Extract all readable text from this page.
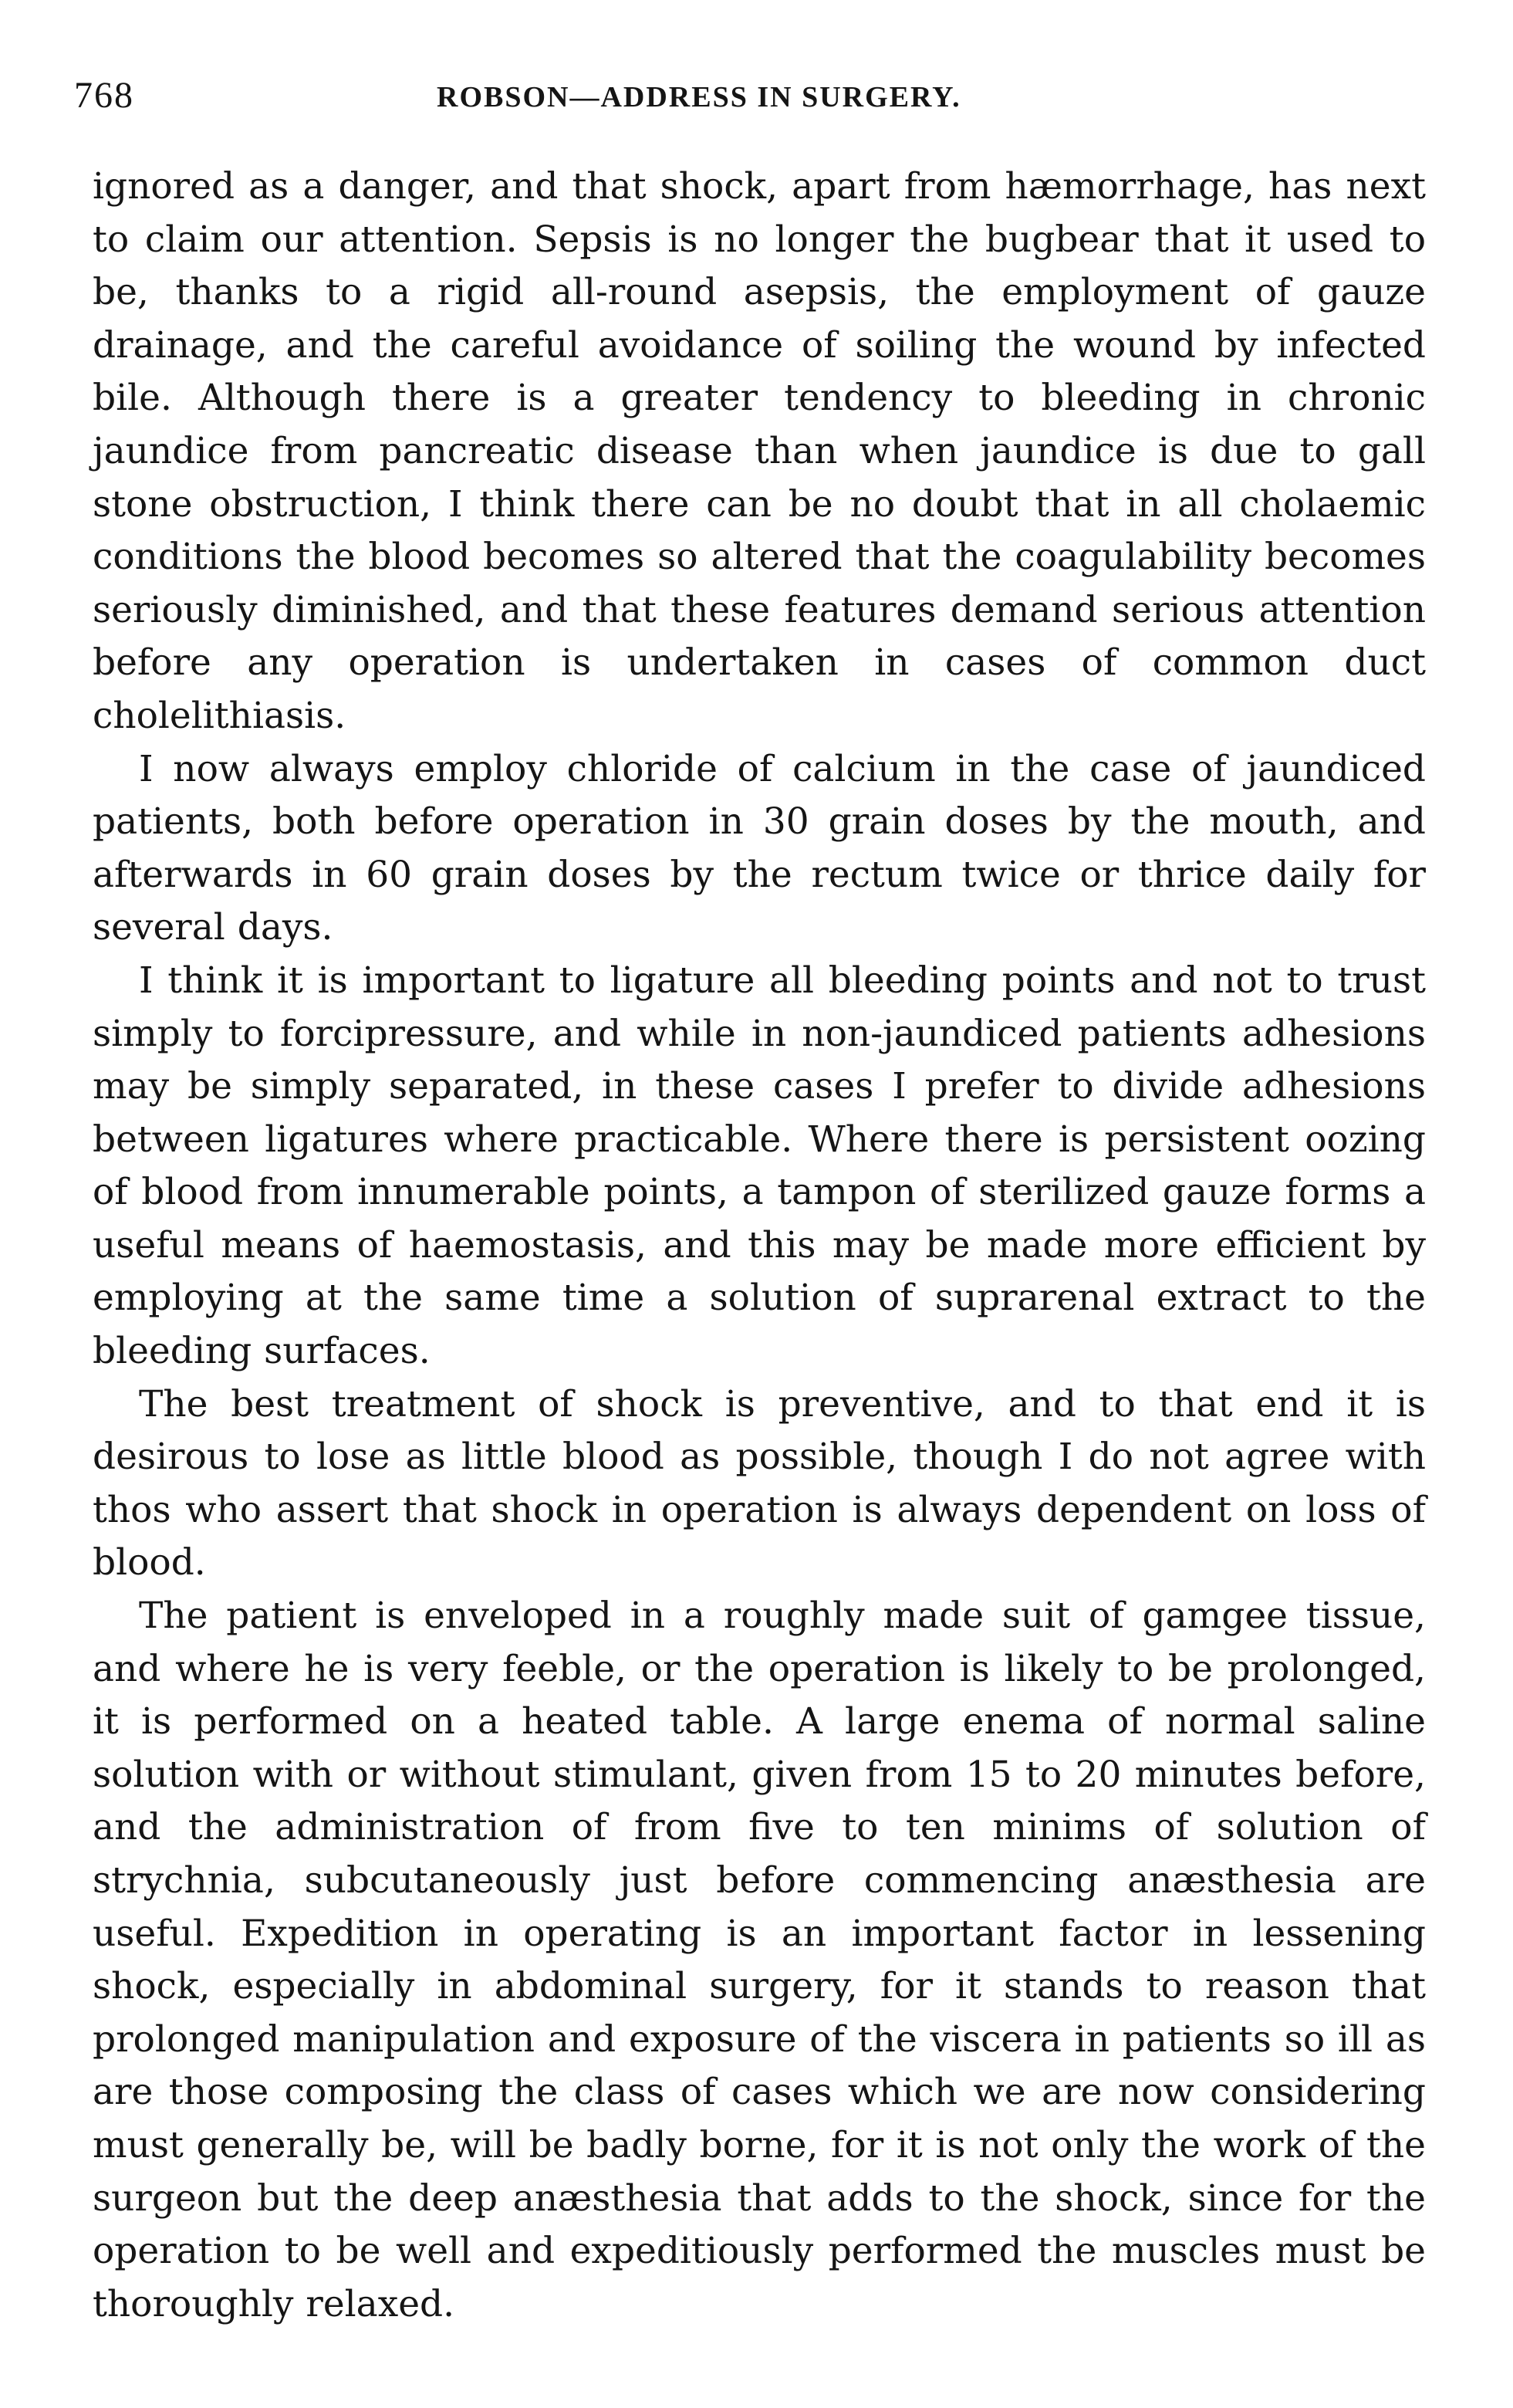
768	ROBSON—ADDRESS IN SURGERY.

ignored as a danger, and that shock, apart from hæmorrhage, has next to claim our attention. Sepsis is no longer the bugbear that it used to be, thanks to a rigid all-round asepsis, the employment of gauze drainage, and the careful avoidance of soiling the wound by infected bile. Although there is a greater tendency to bleeding in chronic jaundice from pancreatic disease than when jaundice is due to gall stone obstruction, I think there can be no doubt that in all cholaemic conditions the blood becomes so altered that the coagulability becomes seriously diminished, and that these features demand serious attention before any operation is undertaken in cases of common duct cholelithiasis.

I now always employ chloride of calcium in the case of jaundiced patients, both before operation in 30 grain doses by the mouth, and afterwards in 60 grain doses by the rectum twice or thrice daily for several days.

I think it is important to ligature all bleeding points and not to trust simply to forcipressure, and while in non-jaundiced patients adhesions may be simply separated, in these cases I prefer to divide adhesions between ligatures where practicable. Where there is persistent oozing of blood from innumerable points, a tampon of sterilized gauze forms a useful means of haemostasis, and this may be made more efficient by employing at the same time a solution of suprarenal extract to the bleeding surfaces.

The best treatment of shock is preventive, and to that end it is desirous to lose as little blood as possible, though I do not agree with thos who assert that shock in operation is always dependent on loss of blood.

The patient is enveloped in a roughly made suit of gamgee tissue, and where he is very feeble, or the operation is likely to be prolonged, it is performed on a heated table. A large enema of normal saline solution with or without stimulant, given from 15 to 20 minutes before, and the administration of from five to ten minims of solution of strychnia, subcutaneously just before commencing anæsthesia are useful. Expedition in operating is an important factor in lessening shock, especially in abdominal surgery, for it stands to reason that prolonged manipulation and exposure of the viscera in patients so ill as are those composing the class of cases which we are now considering must generally be, will be badly borne, for it is not only the work of the surgeon but the deep anæsthesia that adds to the shock, since for the operation to be well and expeditiously performed the muscles must be thoroughly relaxed.
